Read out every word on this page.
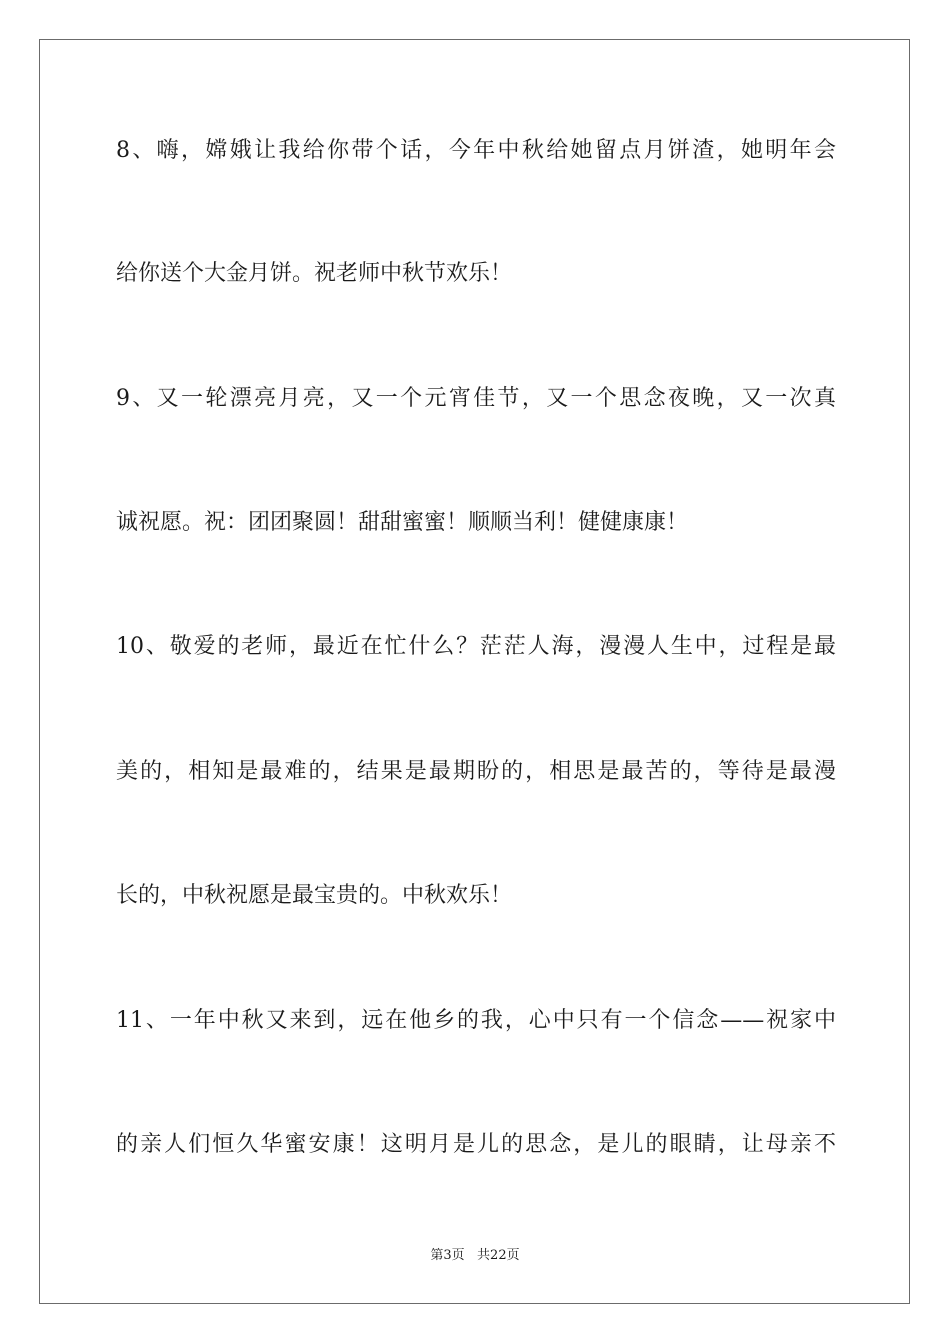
8、嗨，嫦娥让我给你带个话，今年中秋给她留点月饼渣，她明年会
给你送个大金月饼。祝老师中秋节欢乐！
9、又一轮漂亮月亮，又一个元宵佳节，又一个思念夜晚，又一次真
诚祝愿。祝：团团聚圆！甜甜蜜蜜！顺顺当利！健健康康！
10、敬爱的老师，最近在忙什么？茫茫人海，漫漫人生中，过程是最
美的，相知是最难的，结果是最期盼的，相思是最苦的，等待是最漫
长的，中秋祝愿是最宝贵的。中秋欢乐！
11、一年中秋又来到，远在他乡的我，心中只有一个信念——祝家中
的亲人们恒久华蜜安康！这明月是儿的思念，是儿的眼睛，让母亲不
第3页   共22页
